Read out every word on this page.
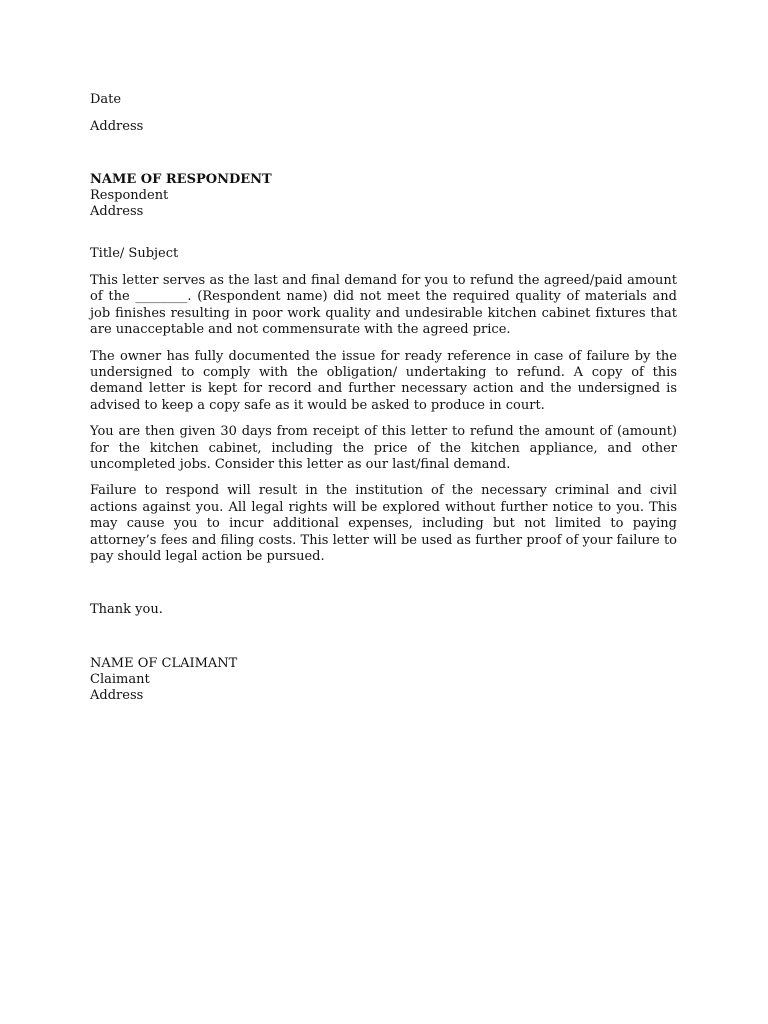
Date

Address

NAME OF RESPONDENT

Respondent

Address

Title/ Subject

This letter serves as the last and final demand for you to refund the agreed/paid amount of the ________. (Respondent name) did not meet the required quality of materials and job finishes resulting in poor work quality and undesirable kitchen cabinet fixtures that are unacceptable and not commensurate with the agreed price.

The owner has fully documented the issue for ready reference in case of failure by the undersigned to comply with the obligation/ undertaking to refund. A copy of this demand letter is kept for record and further necessary action and the undersigned is advised to keep a copy safe as it would be asked to produce in court.

You are then given 30 days from receipt of this letter to refund the amount of (amount) for the kitchen cabinet, including the price of the kitchen appliance, and other uncompleted jobs. Consider this letter as our last/final demand.

Failure to respond will result in the institution of the necessary criminal and civil actions against you. All legal rights will be explored without further notice to you. This may cause you to incur additional expenses, including but not limited to paying attorney’s fees and filing costs. This letter will be used as further proof of your failure to pay should legal action be pursued.

Thank you.

NAME OF CLAIMANT

Claimant

Address
